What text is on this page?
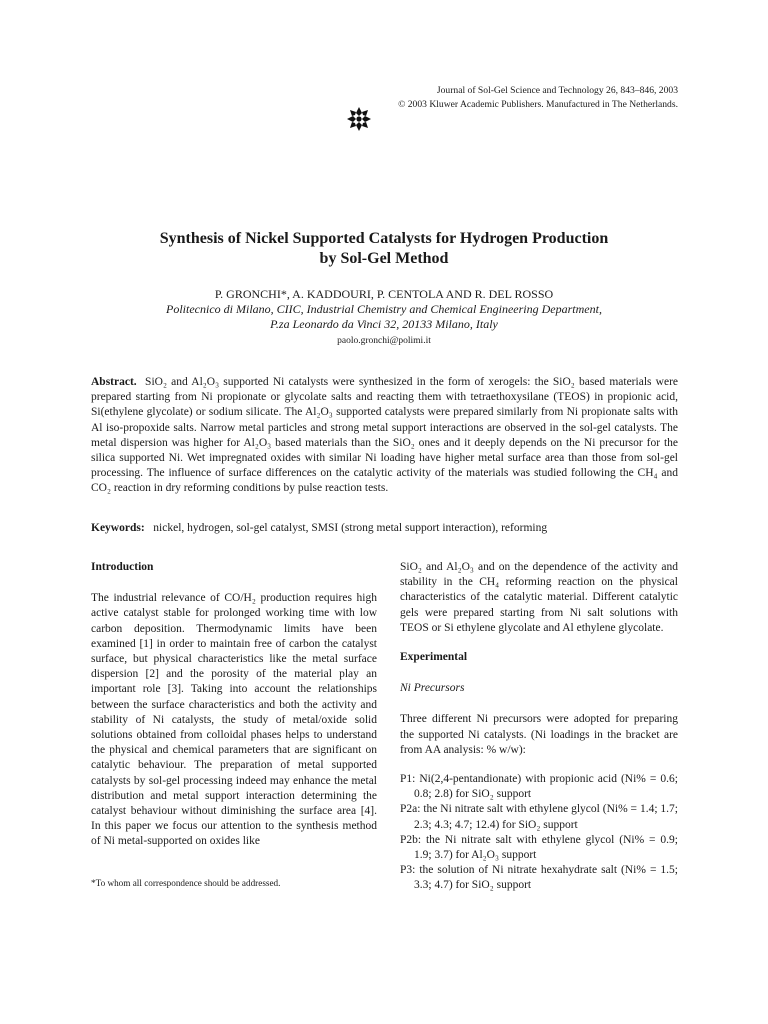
Journal of Sol-Gel Science and Technology 26, 843–846, 2003
© 2003 Kluwer Academic Publishers. Manufactured in The Netherlands.
Synthesis of Nickel Supported Catalysts for Hydrogen Production
by Sol-Gel Method
P. GRONCHI*, A. KADDOURI, P. CENTOLA AND R. DEL ROSSO
Politecnico di Milano, CIIC, Industrial Chemistry and Chemical Engineering Department,
P.za Leonardo da Vinci 32, 20133 Milano, Italy
paolo.gronchi@polimi.it
Abstract. SiO₂ and Al₂O₃ supported Ni catalysts were synthesized in the form of xerogels: the SiO₂ based materials were prepared starting from Ni propionate or glycolate salts and reacting them with tetraethoxysilane (TEOS) in propionic acid, Si(ethylene glycolate) or sodium silicate. The Al₂O₃ supported catalysts were prepared similarly from Ni propionate salts with Al iso-propoxide salts. Narrow metal particles and strong metal support interactions are observed in the sol-gel catalysts. The metal dispersion was higher for Al₂O₃ based materials than the SiO₂ ones and it deeply depends on the Ni precursor for the silica supported Ni. Wet impregnated oxides with similar Ni loading have higher metal surface area than those from sol-gel processing. The influence of surface differences on the catalytic activity of the materials was studied following the CH₄ and CO₂ reaction in dry reforming conditions by pulse reaction tests.
Keywords: nickel, hydrogen, sol-gel catalyst, SMSI (strong metal support interaction), reforming
Introduction
The industrial relevance of CO/H₂ production requires high active catalyst stable for prolonged working time with low carbon deposition. Thermodynamic limits have been examined [1] in order to maintain free of carbon the catalyst surface, but physical characteristics like the metal surface dispersion [2] and the porosity of the material play an important role [3]. Taking into account the relationships between the surface characteristics and both the activity and stability of Ni catalysts, the study of metal/oxide solid solutions obtained from colloidal phases helps to understand the physical and chemical parameters that are significant on catalytic behaviour. The preparation of metal supported catalysts by sol-gel processing indeed may enhance the metal distribution and metal support interaction determining the catalyst behaviour without diminishing the surface area [4]. In this paper we focus our attention to the synthesis method of Ni metal-supported on oxides like
SiO₂ and Al₂O₃ and on the dependence of the activity and stability in the CH₄ reforming reaction on the physical characteristics of the catalytic material. Different catalytic gels were prepared starting from Ni salt solutions with TEOS or Si ethylene glycolate and Al ethylene glycolate.
Experimental
Ni Precursors
Three different Ni precursors were adopted for preparing the supported Ni catalysts. (Ni loadings in the bracket are from AA analysis: % w/w):
P1: Ni(2,4-pentandionate) with propionic acid (Ni% = 0.6; 0.8; 2.8) for SiO₂ support
P2a: the Ni nitrate salt with ethylene glycol (Ni% = 1.4; 1.7; 2.3; 4.3; 4.7; 12.4) for SiO₂ support
P2b: the Ni nitrate salt with ethylene glycol (Ni% = 0.9; 1.9; 3.7) for Al₂O₃ support
P3: the solution of Ni nitrate hexahydrate salt (Ni% = 1.5; 3.3; 4.7) for SiO₂ support
*To whom all correspondence should be addressed.
